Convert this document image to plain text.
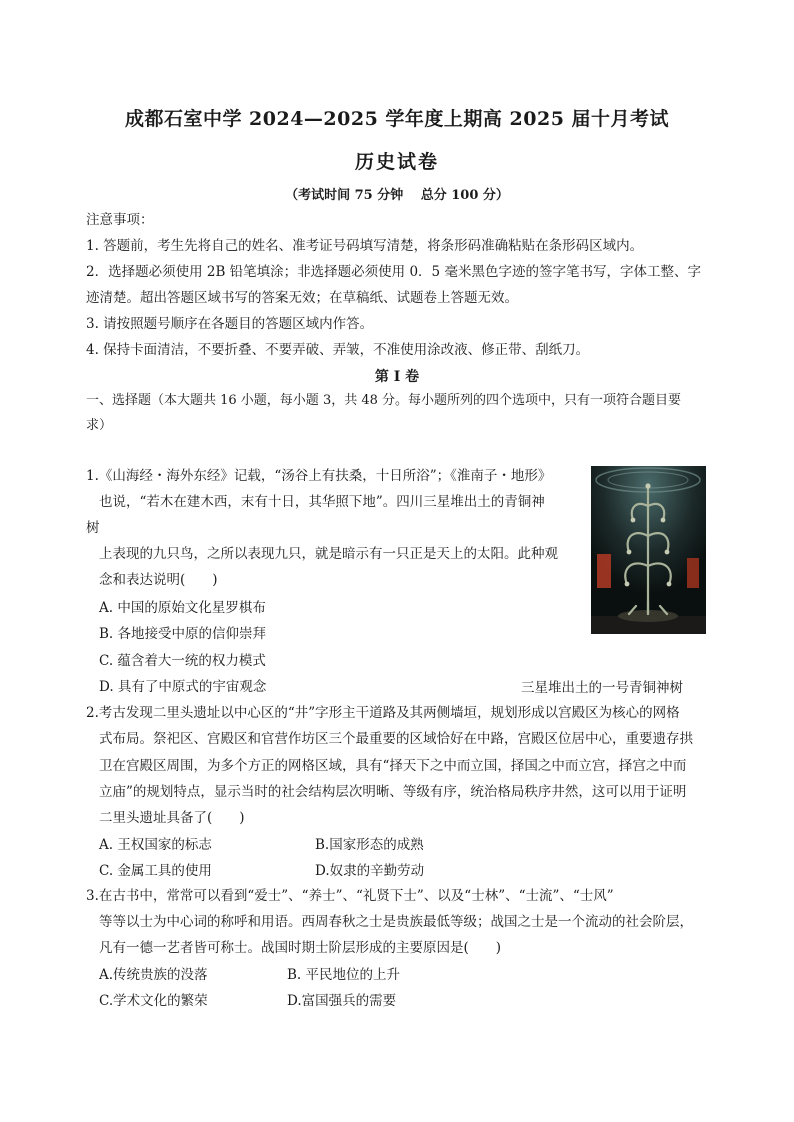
成都石室中学 2024—2025 学年度上期高 2025 届十月考试
历史试卷
（考试时间 75 分钟　 总分 100 分）
注意事项：
1. 答题前，考生先将自己的姓名、准考证号码填写清楚，将条形码准确粘贴在条形码区域内。
2．选择题必须使用 2B 铅笔填涂；非选择题必须使用 0．5 毫米黑色字迹的签字笔书写，字体工整、字
迹清楚。超出答题区域书写的答案无效；在草稿纸、试题卷上答题无效。
3. 请按照题号顺序在各题目的答题区域内作答。
4. 保持卡面清洁，不要折叠、不要弄破、弄皱，不准使用涂改液、修正带、刮纸刀。
第 I 卷
一、选择题（本大题共 16 小题，每小题 3，共 48 分。每小题所列的四个选项中，只有一项符合题目要
求）
1.《山海经・海外东经》记载，“汤谷上有扶桑，十日所浴”；《淮南子・地形》
也说，“若木在建木西，末有十日，其华照下地”。四川三星堆出土的青铜神
树
上表现的九只鸟，之所以表现九只，就是暗示有一只正是天上的太阳。此种观
念和表达说明(　　)
A. 中国的原始文化星罗棋布
B. 各地接受中原的信仰崇拜
C. 蕴含着大一统的权力模式
D. 具有了中原式的宇宙观念	三星堆出土的一号青铜神树
2.考古发现二里头遗址以中心区的“井”字形主干道路及其两侧墙垣，规划形成以宫殿区为核心的网格
式布局。祭祀区、宫殿区和官营作坊区三个最重要的区域恰好在中路，宫殿区位居中心，重要遗存拱
卫在宫殿区周围，为多个方正的网格区域，具有“择天下之中而立国，择国之中而立宫，择宫之中而
立庙”的规划特点，显示当时的社会结构层次明晰、等级有序，统治格局秩序井然，这可以用于证明
二里头遗址具备了(　　)
A. 王权国家的标志	B.国家形态的成熟
C. 金属工具的使用	D.奴隶的辛勤劳动
3.在古书中，常常可以看到“爱士”、“养士”、“礼贤下士”、以及“士林”、“士流”、“士风”
等等以士为中心词的称呼和用语。西周春秋之士是贵族最低等级；战国之士是一个流动的社会阶层，
凡有一德一艺者皆可称士。战国时期士阶层形成的主要原因是(　　)
A.传统贵族的没落	B. 平民地位的上升
C.学术文化的繁荣	D.富国强兵的需要
